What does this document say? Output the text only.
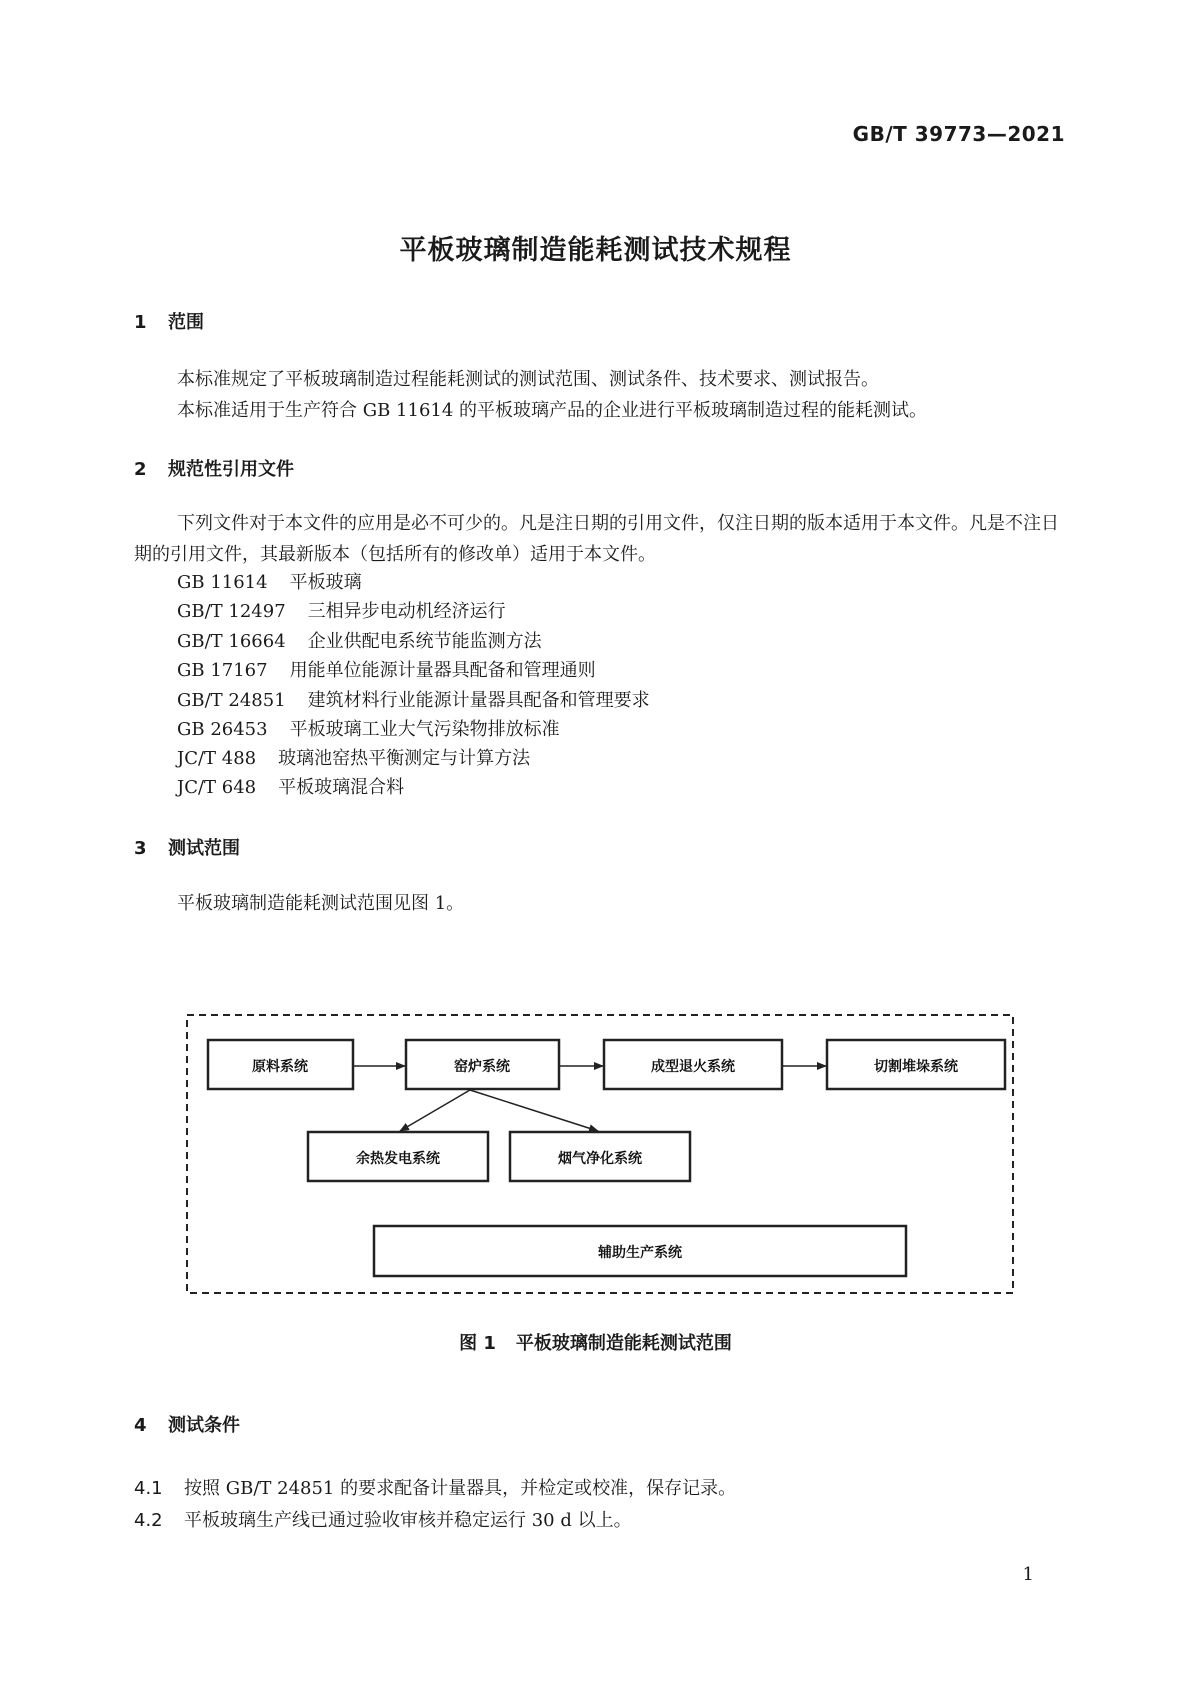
GB/T 39773—2021
平板玻璃制造能耗测试技术规程
1 范围
本标准规定了平板玻璃制造过程能耗测试的测试范围、测试条件、技术要求、测试报告。
本标准适用于生产符合 GB 11614 的平板玻璃产品的企业进行平板玻璃制造过程的能耗测试。
2 规范性引用文件
下列文件对于本文件的应用是必不可少的。凡是注日期的引用文件，仅注日期的版本适用于本文件。凡是不注日期的引用文件，其最新版本（包括所有的修改单）适用于本文件。
GB 11614 平板玻璃
GB/T 12497 三相异步电动机经济运行
GB/T 16664 企业供配电系统节能监测方法
GB 17167 用能单位能源计量器具配备和管理通则
GB/T 24851 建筑材料行业能源计量器具配备和管理要求
GB 26453 平板玻璃工业大气污染物排放标准
JC/T 488 玻璃池窑热平衡测定与计算方法
JC/T 648 平板玻璃混合料
3 测试范围
平板玻璃制造能耗测试范围见图 1。
原料系统	窑炉系统	成型退火系统	切割堆垛系统
余热发电系统	烟气净化系统
辅助生产系统
图 1 平板玻璃制造能耗测试范围
4 测试条件
4.1 按照 GB/T 24851 的要求配备计量器具，并检定或校准，保存记录。
4.2 平板玻璃生产线已通过验收审核并稳定运行 30 d 以上。
1
